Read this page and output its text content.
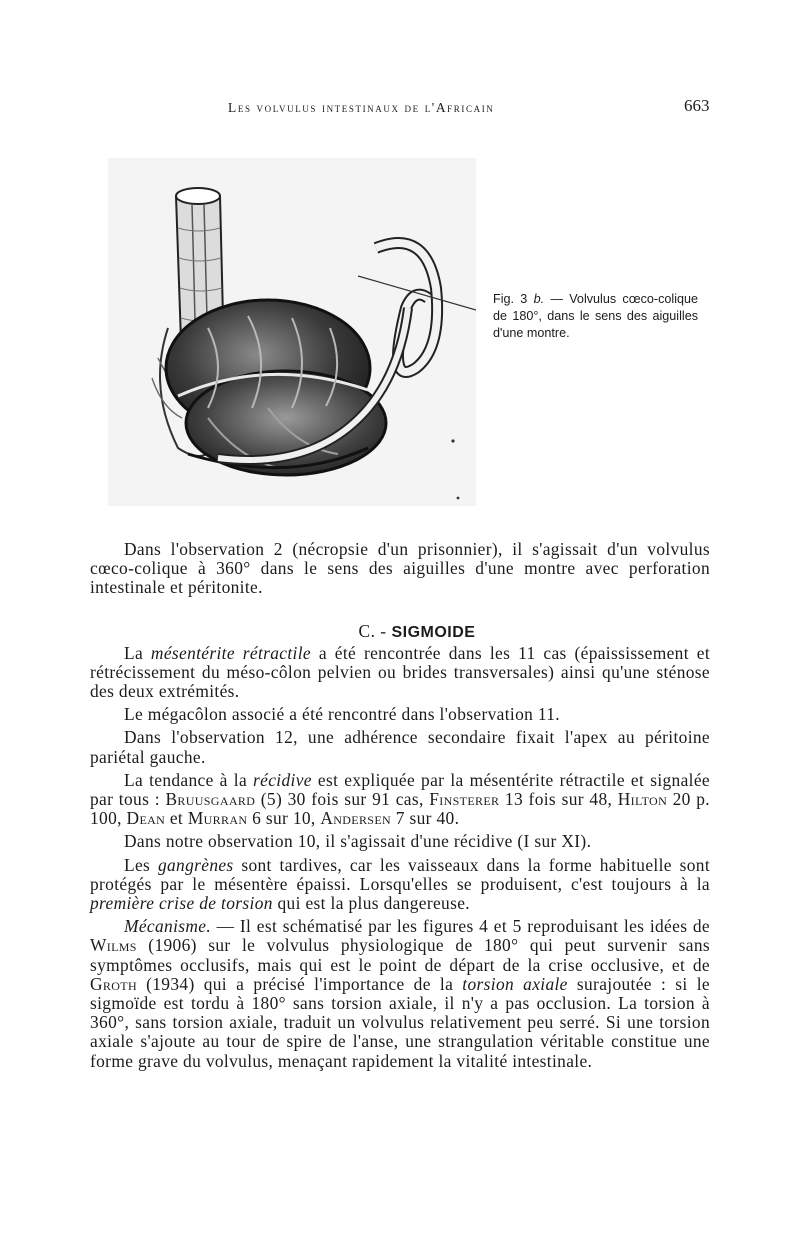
Les volvulus intestinaux de l'Africain	663
Fig. 3 b. — Volvulus cœco-colique de 180°, dans le sens des aiguilles d'une montre.

Dans l'observation 2 (nécropsie d'un prisonnier), il s'agissait d'un volvulus cœco-colique à 360° dans le sens des aiguilles d'une montre avec perforation intestinale et péritonite.

C. - SIGMOIDE

La mésentérite rétractile a été rencontrée dans les 11 cas (épaississement et rétrécissement du méso-côlon pelvien ou brides transversales) ainsi qu'une sténose des deux extrémités.

Le mégacôlon associé a été rencontré dans l'observation 11.

Dans l'observation 12, une adhérence secondaire fixait l'apex au péritoine pariétal gauche.

La tendance à la récidive est expliquée par la mésentérite rétractile et signalée par tous : Bruusgaard (5) 30 fois sur 91 cas, Finsterer 13 fois sur 48, Hilton 20 p. 100, Dean et Murran 6 sur 10, Andersen 7 sur 40.

Dans notre observation 10, il s'agissait d'une récidive (I sur XI).

Les gangrènes sont tardives, car les vaisseaux dans la forme habituelle sont protégés par le mésentère épaissi. Lorsqu'elles se produisent, c'est toujours à la première crise de torsion qui est la plus dangereuse.

Mécanisme. — Il est schématisé par les figures 4 et 5 reproduisant les idées de Wilms (1906) sur le volvulus physiologique de 180° qui peut survenir sans symptômes occlusifs, mais qui est le point de départ de la crise occlusive, et de Groth (1934) qui a précisé l'importance de la torsion axiale surajoutée : si le sigmoïde est tordu à 180° sans torsion axiale, il n'y a pas occlusion. La torsion à 360°, sans torsion axiale, traduit un volvulus relativement peu serré. Si une torsion axiale s'ajoute au tour de spire de l'anse, une strangulation véritable constitue une forme grave du volvulus, menaçant rapidement la vitalité intestinale.
